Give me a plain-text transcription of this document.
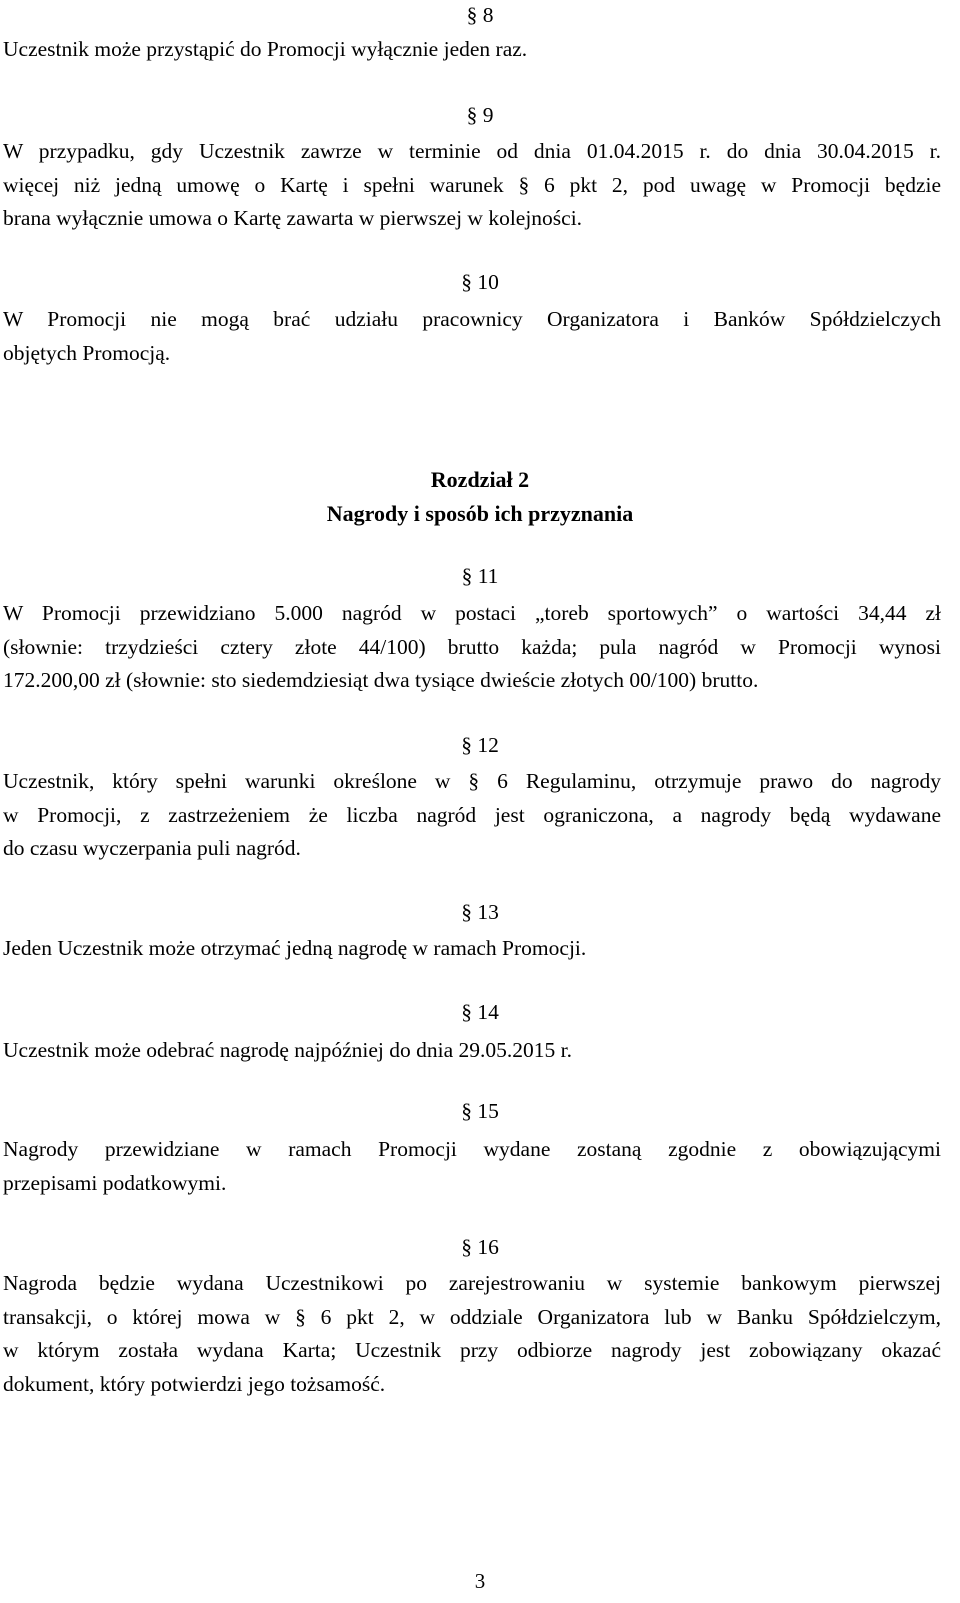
§ 8
Uczestnik może przystąpić do Promocji wyłącznie jeden raz.
§ 9
W przypadku, gdy Uczestnik zawrze w terminie od dnia 01.04.2015 r. do dnia 30.04.2015 r.
więcej niż jedną umowę o Kartę i spełni warunek § 6 pkt 2, pod uwagę w Promocji będzie
brana wyłącznie umowa o Kartę zawarta w pierwszej w kolejności.
§ 10
W Promocji nie mogą brać udziału pracownicy Organizatora i Banków Spółdzielczych
objętych Promocją.
Rozdział 2
Nagrody i sposób ich przyznania
§ 11
W Promocji przewidziano 5.000 nagród w postaci „toreb sportowych” o wartości 34,44 zł
(słownie: trzydzieści cztery złote 44/100) brutto każda; pula nagród w Promocji wynosi
172.200,00 zł (słownie: sto siedemdziesiąt dwa tysiące dwieście złotych 00/100) brutto.
§ 12
Uczestnik, który spełni warunki określone w § 6 Regulaminu, otrzymuje prawo do nagrody
w Promocji, z zastrzeżeniem że liczba nagród jest ograniczona, a nagrody będą wydawane
do czasu wyczerpania puli nagród.
§ 13
Jeden Uczestnik może otrzymać jedną nagrodę w ramach Promocji.
§ 14
Uczestnik może odebrać nagrodę najpóźniej do dnia 29.05.2015 r.
§ 15
Nagrody przewidziane w ramach Promocji wydane zostaną zgodnie z obowiązującymi
przepisami podatkowymi.
§ 16
Nagroda będzie wydana Uczestnikowi po zarejestrowaniu w systemie bankowym pierwszej
transakcji, o której mowa w § 6 pkt 2, w oddziale Organizatora lub w Banku Spółdzielczym,
w którym została wydana Karta; Uczestnik przy odbiorze nagrody jest zobowiązany okazać
dokument, który potwierdzi jego tożsamość.
3
